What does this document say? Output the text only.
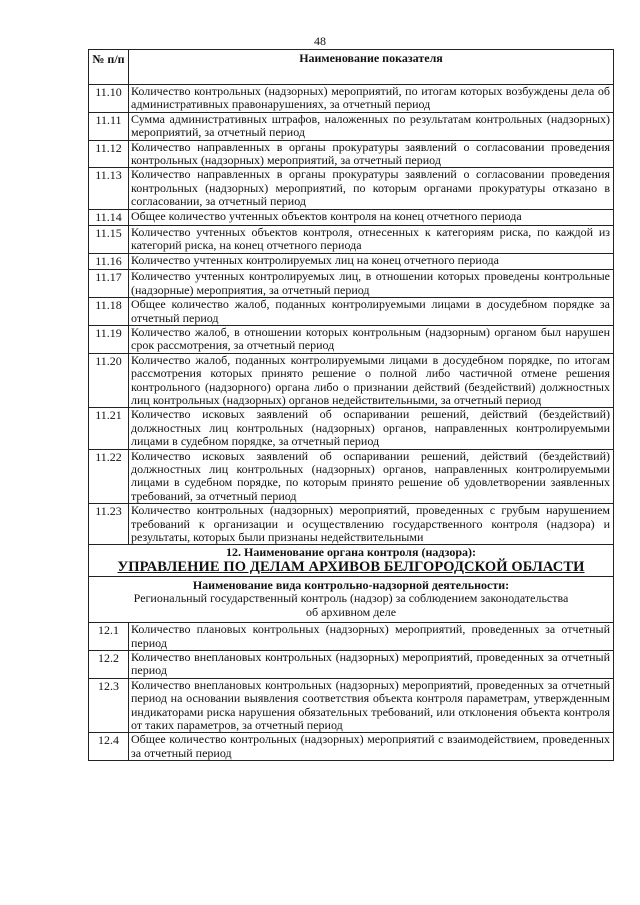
48
№ п/п	Наименование показателя
11.10	Количество контрольных (надзорных) мероприятий, по итогам которых возбуждены дела об административных правонарушениях, за отчетный период
11.11	Сумма административных штрафов, наложенных по результатам контрольных (надзорных) мероприятий, за отчетный период
11.12	Количество направленных в органы прокуратуры заявлений о согласовании проведения контрольных (надзорных) мероприятий, за отчетный период
11.13	Количество направленных в органы прокуратуры заявлений о согласовании проведения контрольных (надзорных) мероприятий, по которым органами прокуратуры отказано в согласовании, за отчетный период
11.14	Общее количество учтенных объектов контроля на конец отчетного периода
11.15	Количество учтенных объектов контроля, отнесенных к категориям риска, по каждой из категорий риска, на конец отчетного периода
11.16	Количество учтенных контролируемых лиц на конец отчетного периода
11.17	Количество учтенных контролируемых лиц, в отношении которых проведены контрольные (надзорные) мероприятия, за отчетный период
11.18	Общее количество жалоб, поданных контролируемыми лицами в досудебном порядке за отчетный период
11.19	Количество жалоб, в отношении которых контрольным (надзорным) органом был нарушен срок рассмотрения, за отчетный период
11.20	Количество жалоб, поданных контролируемыми лицами в досудебном порядке, по итогам рассмотрения которых принято решение о полной либо частичной отмене решения контрольного (надзорного) органа либо о признании действий (бездействий) должностных лиц контрольных (надзорных) органов недействительными, за отчетный период
11.21	Количество исковых заявлений об оспаривании решений, действий (бездействий) должностных лиц контрольных (надзорных) органов, направленных контролируемыми лицами в судебном порядке, за отчетный период
11.22	Количество исковых заявлений об оспаривании решений, действий (бездействий) должностных лиц контрольных (надзорных) органов, направленных контролируемыми лицами в судебном порядке, по которым принято решение об удовлетворении заявленных требований, за отчетный период
11.23	Количество контрольных (надзорных) мероприятий, проведенных с грубым нарушением требований к организации и осуществлению государственного контроля (надзора) и результаты, которых были признаны недействительными

12. Наименование органа контроля (надзора):
УПРАВЛЕНИЕ ПО ДЕЛАМ АРХИВОВ БЕЛГОРОДСКОЙ ОБЛАСТИ	

Наименование вида контрольно-надзорной деятельности:
Региональный государственный контроль (надзор) за соблюдением законодательства
об архивном деле	

12.1	Количество плановых контрольных (надзорных) мероприятий, проведенных за отчетный период
12.2	Количество внеплановых контрольных (надзорных) мероприятий, проведенных за отчетный период
12.3	Количество внеплановых контрольных (надзорных) мероприятий, проведенных за отчетный период на основании выявления соответствия объекта контроля параметрам, утвержденным индикаторами риска нарушения обязательных требований, или отклонения объекта контроля от таких параметров, за отчетный период
12.4	Общее количество контрольных (надзорных) мероприятий с взаимодействием, проведенных за отчетный период
